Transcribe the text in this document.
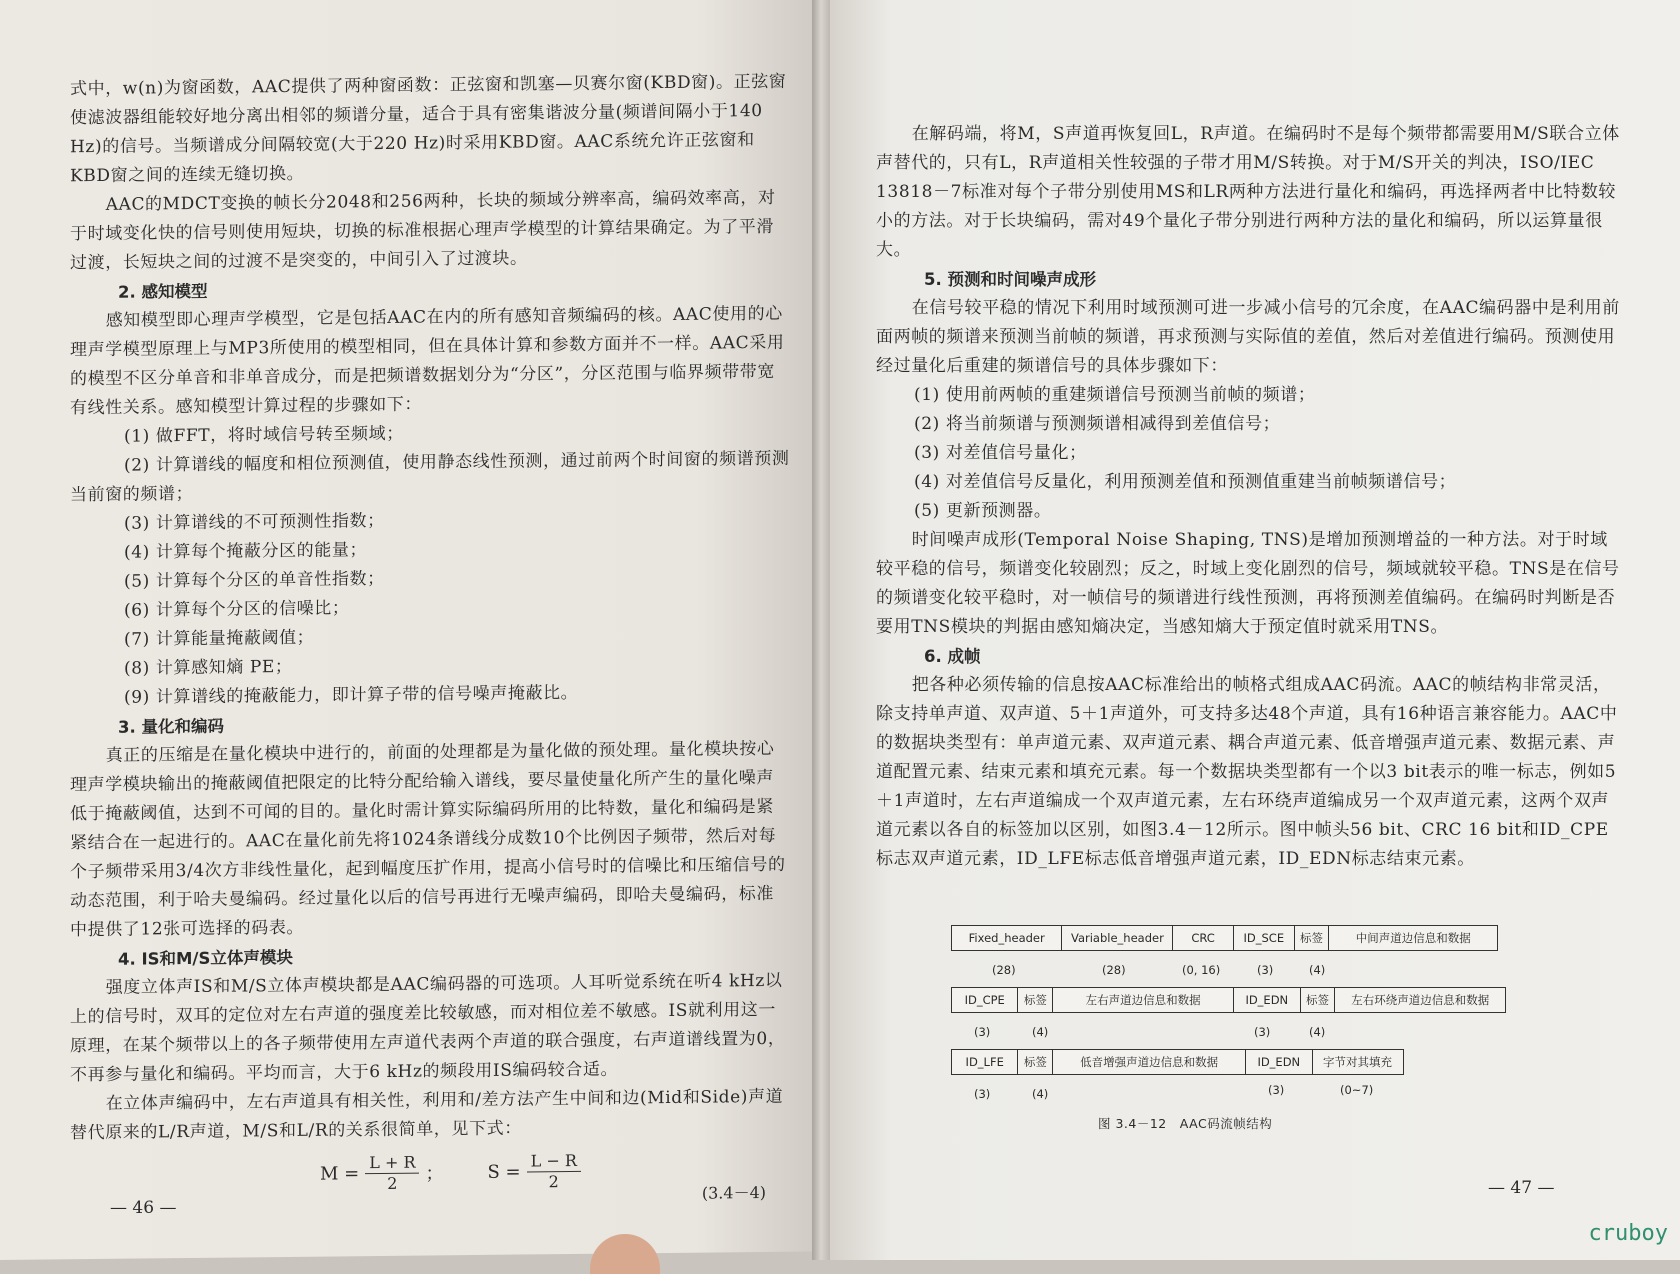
式中，w(n)为窗函数，AAC提供了两种窗函数：正弦窗和凯塞—贝赛尔窗(KBD窗)。正弦窗使滤波器组能较好地分离出相邻的频谱分量，适合于具有密集谐波分量(频谱间隔小于140 Hz)的信号。当频谱成分间隔较宽(大于220 Hz)时采用KBD窗。AAC系统允许正弦窗和KBD窗之间的连续无缝切换。

AAC的MDCT变换的帧长分2048和256两种，长块的频域分辨率高，编码效率高，对于时域变化快的信号则使用短块，切换的标准根据心理声学模型的计算结果确定。为了平滑过渡，长短块之间的过渡不是突变的，中间引入了过渡块。

2. 感知模型

感知模型即心理声学模型，它是包括AAC在内的所有感知音频编码的核。AAC使用的心理声学模型原理上与MP3所使用的模型相同，但在具体计算和参数方面并不一样。AAC采用的模型不区分单音和非单音成分，而是把频谱数据划分为“分区”，分区范围与临界频带带宽有线性关系。感知模型计算过程的步骤如下：

(1) 做FFT，将时域信号转至频域；
(2) 计算谱线的幅度和相位预测值，使用静态线性预测，通过前两个时间窗的频谱预测当前窗的频谱；
(3) 计算谱线的不可预测性指数；
(4) 计算每个掩蔽分区的能量；
(5) 计算每个分区的单音性指数；
(6) 计算每个分区的信噪比；
(7) 计算能量掩蔽阈值；
(8) 计算感知熵 PE；
(9) 计算谱线的掩蔽能力，即计算子带的信号噪声掩蔽比。
3. 量化和编码

真正的压缩是在量化模块中进行的，前面的处理都是为量化做的预处理。量化模块按心理声学模块输出的掩蔽阈值把限定的比特分配给输入谱线，要尽量使量化所产生的量化噪声低于掩蔽阈值，达到不可闻的目的。量化时需计算实际编码所用的比特数，量化和编码是紧紧结合在一起进行的。AAC在量化前先将1024条谱线分成数10个比例因子频带，然后对每个子频带采用3/4次方非线性量化，起到幅度压扩作用，提高小信号时的信噪比和压缩信号的动态范围，利于哈夫曼编码。经过量化以后的信号再进行无噪声编码，即哈夫曼编码，标准中提供了12张可选择的码表。

4. IS和M/S立体声模块

强度立体声IS和M/S立体声模块都是AAC编码器的可选项。人耳听觉系统在听4 kHz以上的信号时，双耳的定位对左右声道的强度差比较敏感，而对相位差不敏感。IS就利用这一原理，在某个频带以上的各子频带使用左声道代表两个声道的联合强度，右声道谱线置为0，不再参与量化和编码。平均而言，大于6 kHz的频段用IS编码较合适。

在立体声编码中，左右声道具有相关性，利用和/差方法产生中间和边(Mid和Side)声道替代原来的L/R声道，M/S和L/R的关系很简单，见下式：

$M = \frac{L + R}{2}$ ； $S = \frac{L - R}{2}$
(3.4－4)
— 46 —

在解码端，将M，S声道再恢复回L，R声道。在编码时不是每个频带都需要用M/S联合立体声替代的，只有L，R声道相关性较强的子带才用M/S转换。对于M/S开关的判决，ISO/IEC 13818－7标准对每个子带分别使用MS和LR两种方法进行量化和编码，再选择两者中比特数较小的方法。对于长块编码，需对49个量化子带分别进行两种方法的量化和编码，所以运算量很大。

5. 预测和时间噪声成形

在信号较平稳的情况下利用时域预测可进一步减小信号的冗余度，在AAC编码器中是利用前面两帧的频谱来预测当前帧的频谱，再求预测与实际值的差值，然后对差值进行编码。预测使用经过量化后重建的频谱信号的具体步骤如下：

(1) 使用前两帧的重建频谱信号预测当前帧的频谱；
(2) 将当前频谱与预测频谱相减得到差值信号；
(3) 对差值信号量化；
(4) 对差值信号反量化，利用预测差值和预测值重建当前帧频谱信号；
(5) 更新预测器。

时间噪声成形(Temporal Noise Shaping, TNS)是增加预测增益的一种方法。对于时域较平稳的信号，频谱变化较剧烈；反之，时域上变化剧烈的信号，频域就较平稳。TNS是在信号的频谱变化较平稳时，对一帧信号的频谱进行线性预测，再将预测差值编码。在编码时判断是否要用TNS模块的判据由感知熵决定，当感知熵大于预定值时就采用TNS。

6. 成帧

把各种必须传输的信息按AAC标准给出的帧格式组成AAC码流。AAC的帧结构非常灵活，除支持单声道、双声道、5＋1声道外，可支持多达48个声道，具有16种语言兼容能力。AAC中的数据块类型有：单声道元素、双声道元素、耦合声道元素、低音增强声道元素、数据元素、声道配置元素、结束元素和填充元素。每一个数据块类型都有一个以3 bit表示的唯一标志，例如5＋1声道时，左右声道编成一个双声道元素，左右环绕声道编成另一个双声道元素，这两个双声道元素以各自的标签加以区别，如图3.4－12所示。图中帧头56 bit、CRC 16 bit和ID_CPE标志双声道元素，ID_LFE标志低音增强声道元素，ID_EDN标志结束元素。

Fixed_header	Variable_header	CRC	ID_SCE	标签	中间声道边信息和数据
(28)	(28)	(0, 16)	(3)	(4)
ID_CPE	标签	左右声道边信息和数据	ID_EDN	标签	左右环绕声道边信息和数据
(3)	(4)	(3)	(4)
ID_LFE	标签	低音增强声道边信息和数据	ID_EDN	字节对其填充
(3)	(4)	(3)	(0~7)
图 3.4－12　AAC码流帧结构
— 47 —
cruboy
